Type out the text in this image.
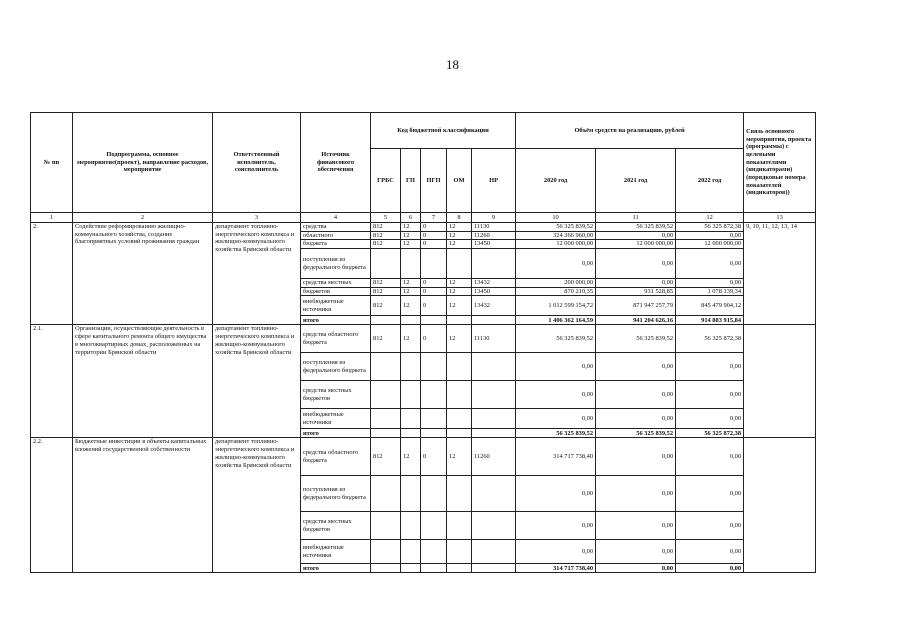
18
№ пп	Подпрограмма, основное мероприятие(проект), направление расходов, мероприятие	Ответственный исполнитель, соисполнитель	Источник финансового обеспечения	Код бюджетной классификации					Объём средств на реализацию, рублей			Связь основного мероприятия, проекта (программы) с целевыми показателями (индикаторами) (порядковые номера показателей (индикаторов))
				ГРБС	ГП	ПГП	ОМ	НР	2020 год	2021 год	2022 год	
1	2	3	4	5	6	7	8	9	10	11	12	13
2.	Содействие реформированию жилищно-коммунального хозяйства, создание благоприятных условий проживания граждан	департамент топливно-энергетического комплекса и жилищно-коммунального хозяйства Брянской области	средства	812	12	0	12	11130	56 325 839,52	56 325 839,52	56 325 872,38	9, 10, 11, 12, 13, 14
			областного	812	12	0	12	11260	324 366 960,00	0,00	0,00	
			бюджета	812	12	0	12	13450	12 000 000,00	12 000 000,00	12 000 000,00	
			поступления из федерального бюджета						0,00	0,00	0,00	
			средства местных	812	12	0	12	13432	200 000,00	0,00	0,00	
			бюджетов	812	12	0	12	13450	870 210,35	931 528,85	1 078 139,34	
			внебюджетные источники	812	12	0	12	13432	1 012 599 154,72	871 947 257,79	845 479 904,12	
			итого						1 406 362 164,59	941 204 626,16	914 883 915,84	
2.1.	Организации, осуществляющие деятельность в сфере капитального ремонта общего имущества в многоквартирных домах, расположенных на территории Брянской области	департамент топливно-энергетического комплекса и жилищно-коммунального хозяйства Брянской области	средства областного бюджета	812	12	0	12	11130	56 325 839,52	56 325 839,52	56 325 872,38	
			поступления из федерального бюджета						0,00	0,00	0,00	
			средства местных бюджетов						0,00	0,00	0,00	
			внебюджетные источники						0,00	0,00	0,00	
			итого						56 325 839,52	56 325 839,52	56 325 872,38	
2.2.	Бюджетные инвестиции в объекты капитальных вложений государственной собственности	департамент топливно-энергетического комплекса и жилищно-коммунального хозяйства Брянской области	средства областного бюджета	812	12	0	12	11260	314 717 738,40	0,00	0,00	
			поступления из федерального бюджета						0,00	0,00	0,00	
			средства местных бюджетов						0,00	0,00	0,00	
			внебюджетные источники						0,00	0,00	0,00	
			итого						314 717 738,40	0,00	0,00	
